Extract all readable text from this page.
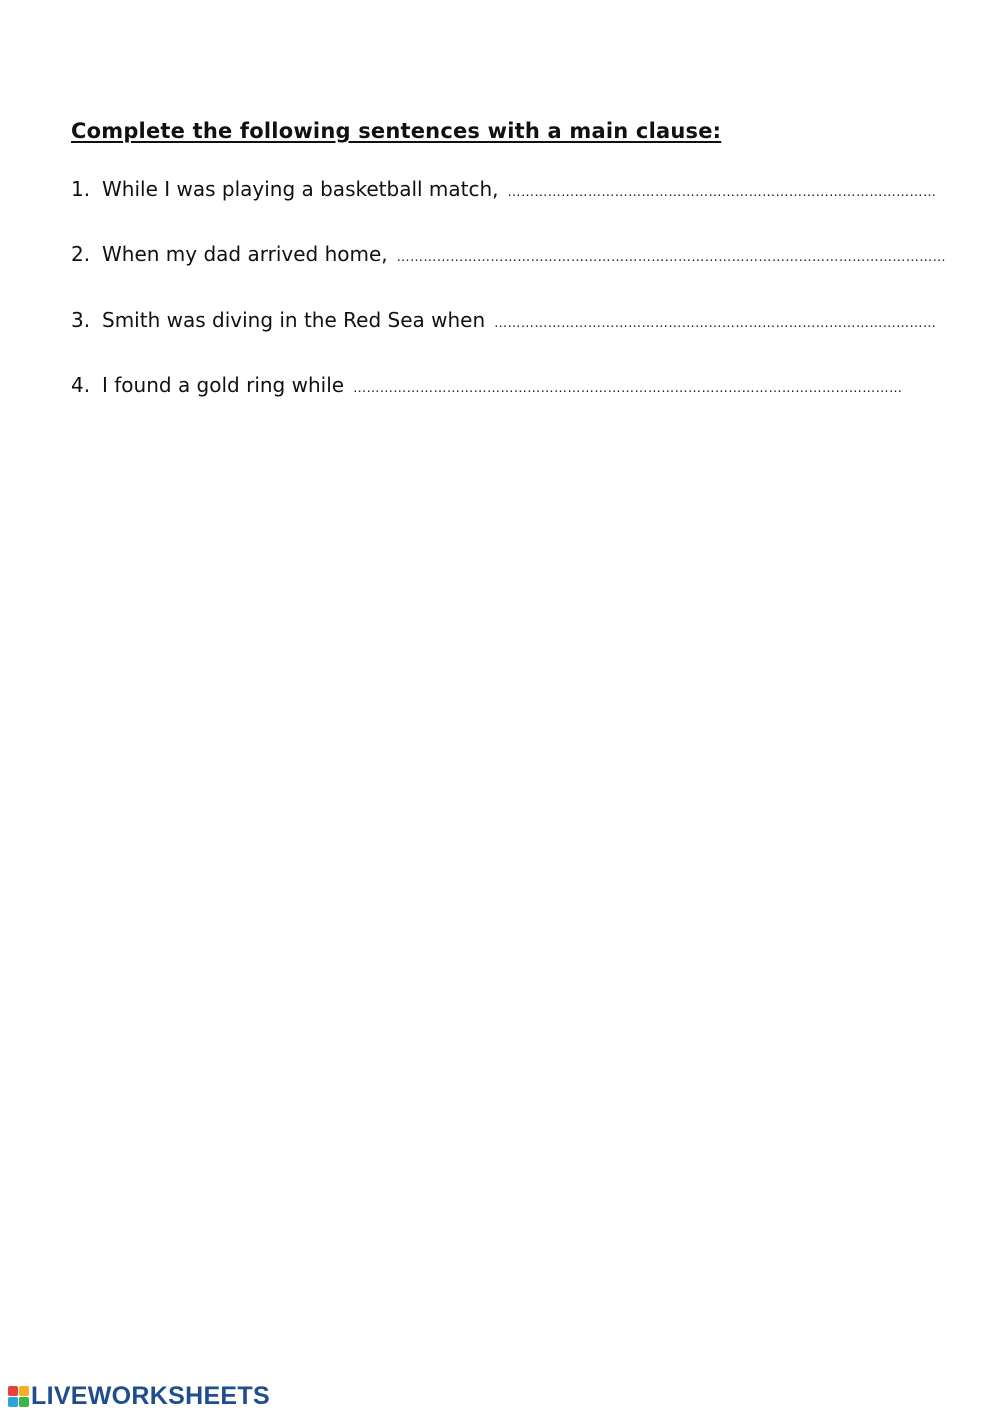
Complete the following sentences with a main clause:
1. While I was playing a basketball match, ……………………………………………………………………………………
2. When my dad arrived home, ……………………………………………………………………………………………………………
3. Smith was diving in the Red Sea when ………………………………………………………………………………………
4. I found a gold ring while ……………………………………………………………………………………………………………
LIVEWORKSHEETS
